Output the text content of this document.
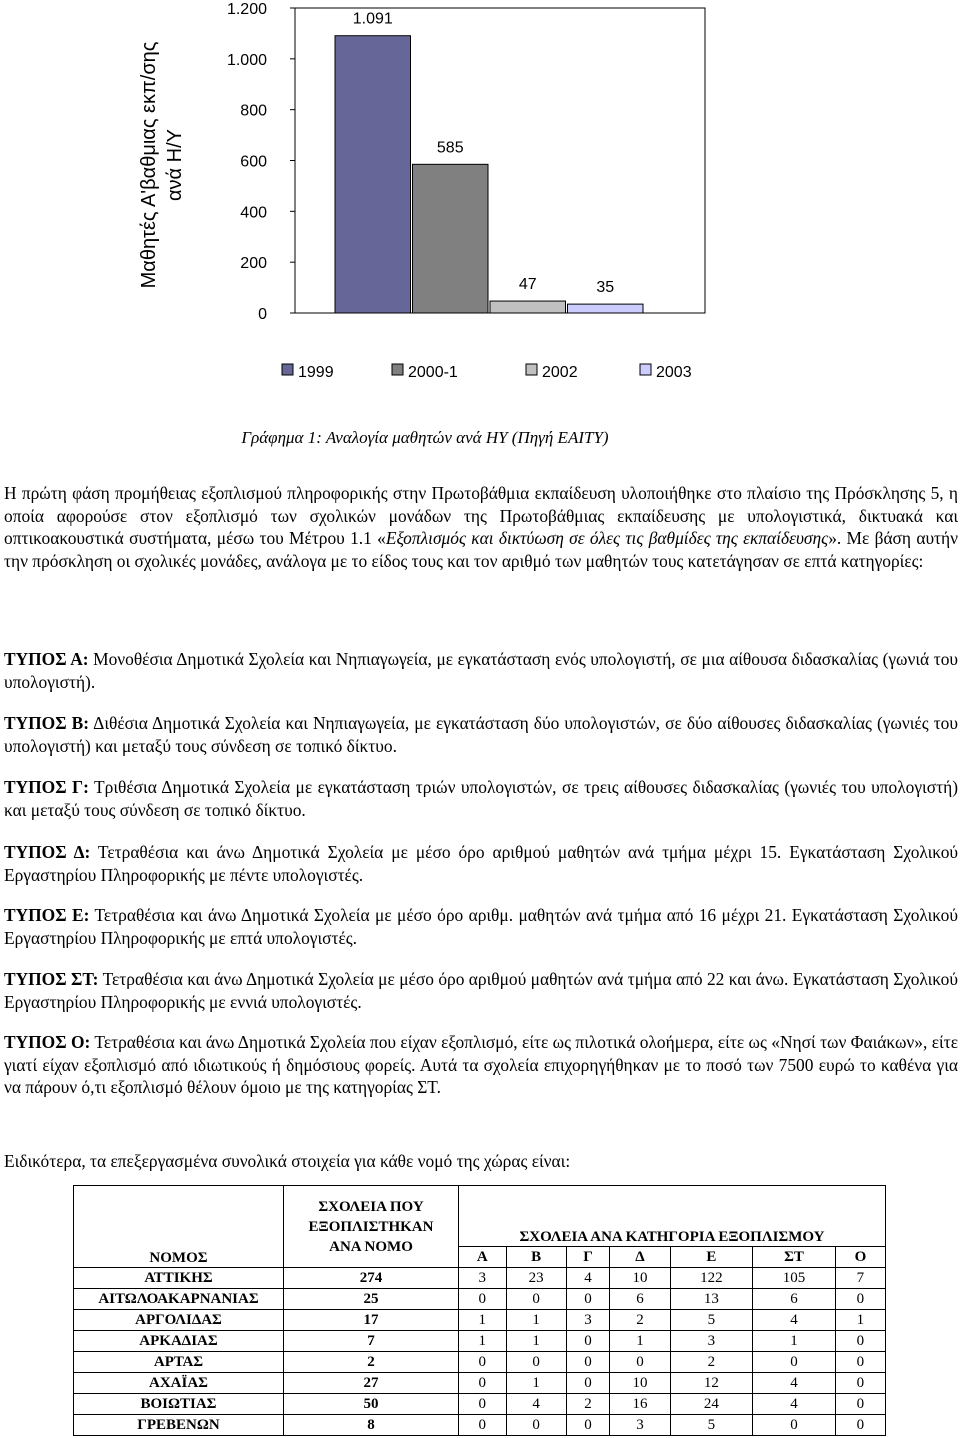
0
200
400
600
800
1.000
1.200
Μαθητές Α'βαθμιας εκπ/σης ανά Η/Υ
1.091
585
47	35
1999	2000-1	2002	2003
Γράφημα 1: Αναλογία μαθητών ανά ΗΥ (Πηγή ΕΑΙΤΥ)
Η πρώτη φάση προμήθειας εξοπλισμού πληροφορικής στην Πρωτοβάθμια εκπαίδευση υλοποιήθηκε στο πλαίσιο της Πρόσκλησης 5, η οποία αφορούσε στον εξοπλισμό των σχολικών μονάδων της Πρωτοβάθμιας εκπαίδευσης με υπολογιστικά, δικτυακά και οπτικοακουστικά συστήματα, μέσω του Μέτρου 1.1 «Εξοπλισμός και δικτύωση σε όλες τις βαθμίδες της εκπαίδευσης». Με βάση αυτήν την πρόσκληση οι σχολικές μονάδες, ανάλογα με το είδος τους και τον αριθμό των μαθητών τους κατετάγησαν σε επτά κατηγορίες:
ΤΥΠΟΣ Α: Μονοθέσια Δημοτικά Σχολεία και Νηπιαγωγεία, με εγκατάσταση ενός υπολογιστή, σε μια αίθουσα διδασκαλίας (γωνιά του υπολογιστή).
ΤΥΠΟΣ Β: Διθέσια Δημοτικά Σχολεία και Νηπιαγωγεία, με εγκατάσταση δύο υπολογιστών, σε δύο αίθουσες διδασκαλίας (γωνιές του υπολογιστή) και μεταξύ τους σύνδεση σε τοπικό δίκτυο.
ΤΥΠΟΣ Γ: Τριθέσια Δημοτικά Σχολεία με εγκατάσταση τριών υπολογιστών, σε τρεις αίθουσες διδασκαλίας (γωνιές του υπολογιστή) και μεταξύ τους σύνδεση σε τοπικό δίκτυο.
ΤΥΠΟΣ Δ: Τετραθέσια και άνω Δημοτικά Σχολεία με μέσο όρο αριθμού μαθητών ανά τμήμα μέχρι 15. Εγκατάσταση Σχολικού Εργαστηρίου Πληροφορικής με πέντε υπολογιστές.
ΤΥΠΟΣ Ε: Τετραθέσια και άνω Δημοτικά Σχολεία με μέσο όρο αριθμ. μαθητών ανά τμήμα από 16 μέχρι 21. Εγκατάσταση Σχολικού Εργαστηρίου Πληροφορικής με επτά υπολογιστές.
ΤΥΠΟΣ ΣΤ: Τετραθέσια και άνω Δημοτικά Σχολεία με μέσο όρο αριθμού μαθητών ανά τμήμα από 22 και άνω. Εγκατάσταση Σχολικού Εργαστηρίου Πληροφορικής με εννιά υπολογιστές.
ΤΥΠΟΣ Ο: Τετραθέσια και άνω Δημοτικά Σχολεία που είχαν εξοπλισμό, είτε ως πιλοτικά ολοήμερα, είτε ως «Νησί των Φαιάκων», είτε γιατί είχαν εξοπλισμό από ιδιωτικούς ή δημόσιους φορείς. Αυτά τα σχολεία επιχορηγήθηκαν με το ποσό των 7500 ευρώ το καθένα για να πάρουν ό,τι εξοπλισμό θέλουν όμοιο με της κατηγορίας ΣΤ.
Ειδικότερα, τα επεξεργασμένα συνολικά στοιχεία για κάθε νομό της χώρας είναι:
ΝΟΜΟΣ	ΣΧΟΛΕΙΑ ΠΟΥ
ΕΞΟΠΛΙΣΤΗΚΑΝ
ΑΝΑ ΝΟΜΟ	ΣΧΟΛΕΙΑ ΑΝΑ ΚΑΤΗΓΟΡΙΑ ΕΞΟΠΛΙΣΜΟΥ						
		Α	Β	Γ	Δ	Ε	ΣΤ	Ο
ΑΤΤΙΚΗΣ	274	3	23	4	10	122	105	7
ΑΙΤΩΛΟΑΚΑΡΝΑΝΙΑΣ	25	0	0	0	6	13	6	0
ΑΡΓΟΛΙΔΑΣ	17	1	1	3	2	5	4	1
ΑΡΚΑΔΙΑΣ	7	1	1	0	1	3	1	0
ΑΡΤΑΣ	2	0	0	0	0	2	0	0
ΑΧΑΪΑΣ	27	0	1	0	10	12	4	0
ΒΟΙΩΤΙΑΣ	50	0	4	2	16	24	4	0
ΓΡΕΒΕΝΩΝ	8	0	0	0	3	5	0	0
